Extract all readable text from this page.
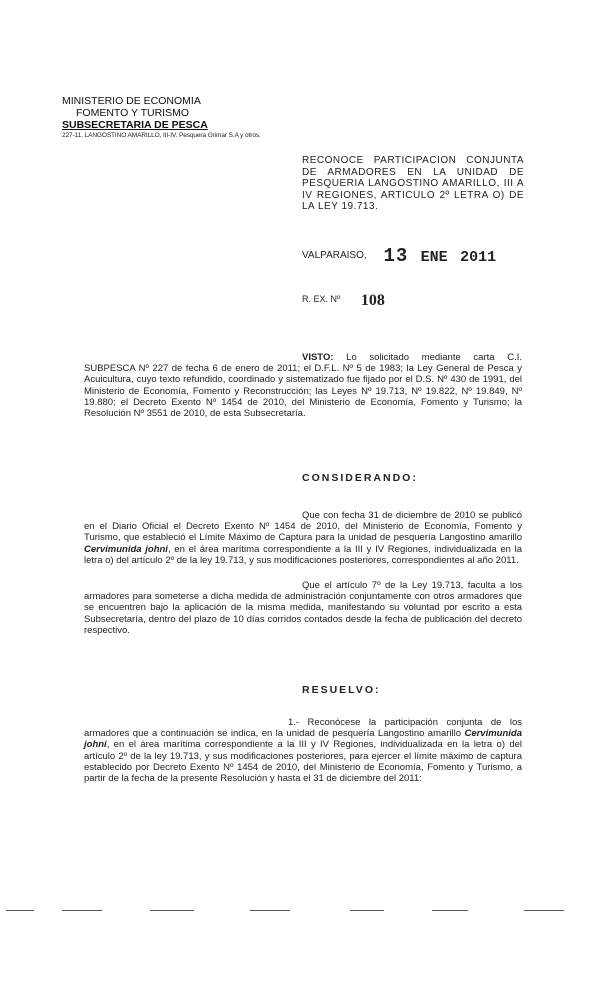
MINISTERIO DE ECONOMIA
FOMENTO Y TURISMO
SUBSECRETARIA DE PESCA
227-11. LANGOSTINO AMARILLO, III-IV. Pesquera Grimar S.A y otros.
RECONOCE PARTICIPACION CONJUNTA DE ARMADORES EN LA UNIDAD DE PESQUERIA LANGOSTINO AMARILLO, III A IV REGIONES, ARTICULO 2º LETRA O) DE LA LEY 19.713.
VALPARAISO, 13 ENE 2011
R. EX. Nº 108
VISTO: Lo solicitado mediante carta C.I. SUBPESCA Nº 227 de fecha 6 de enero de 2011; el D.F.L. Nº 5 de 1983; la Ley General de Pesca y Acuicultura, cuyo texto refundido, coordinado y sistematizado fue fijado por el D.S. Nº 430 de 1991, del Ministerio de Economía, Fomento y Reconstrucción; las Leyes Nº 19.713, Nº 19.822, Nº 19.849, Nº 19.880; el Decreto Exento Nº 1454 de 2010, del Ministerio de Economía, Fomento y Turismo; la Resolución Nº 3551 de 2010, de esta Subsecretaría.
CONSIDERANDO:
Que con fecha 31 de diciembre de 2010 se publicó en el Diario Oficial el Decreto Exento Nº 1454 de 2010, del Ministerio de Economía, Fomento y Turismo, que estableció el Límite Máximo de Captura para la unidad de pesquería Langostino amarillo Cervimunida johni, en el área marítima correspondiente a la III y IV Regiones, individualizada en la letra o) del artículo 2º de la ley 19.713, y sus modificaciones posteriores, correspondientes al año 2011.
Que el artículo 7º de la Ley 19.713, faculta a los armadores para someterse a dicha medida de administración conjuntamente con otros armadores que se encuentren bajo la aplicación de la misma medida, manifestando su voluntad por escrito a esta Subsecretaría, dentro del plazo de 10 días corridos contados desde la fecha de publicación del decreto respectivo.
RESUELVO:
1.- Reconócese la participación conjunta de los armadores que a continuación se indica, en la unidad de pesquería Langostino amarillo Cervimunida johni, en el área marítima correspondiente a la III y IV Regiones, individualizada en la letra o) del artículo 2º de la ley 19.713, y sus modificaciones posteriores, para ejercer el límite máximo de captura establecido por Decreto Exento Nº 1454 de 2010, del Ministerio de Economía, Fomento y Turismo, a partir de la fecha de la presente Resolución y hasta el 31 de diciembre del 2011:
